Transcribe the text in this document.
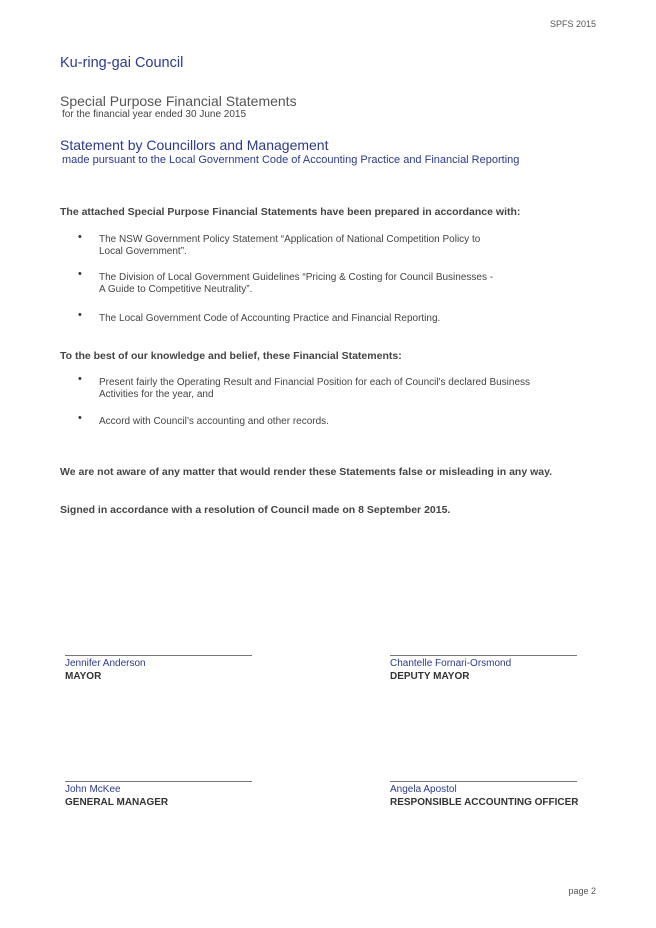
SPFS 2015
Ku-ring-gai Council
Special Purpose Financial Statements
for the financial year ended 30 June 2015
Statement by Councillors and Management
made pursuant to the Local Government Code of Accounting Practice and Financial Reporting
The attached Special Purpose Financial Statements have been prepared in accordance with:
• The NSW Government Policy Statement “Application of National Competition Policy to
Local Government”.
• The Division of Local Government Guidelines “Pricing & Costing for Council Businesses -
A Guide to Competitive Neutrality”.
• The Local Government Code of Accounting Practice and Financial Reporting.
To the best of our knowledge and belief, these Financial Statements:
• Present fairly the Operating Result and Financial Position for each of Council's declared Business
Activities for the year, and
• Accord with Council’s accounting and other records.
We are not aware of any matter that would render these Statements false or misleading in any way.
Signed in accordance with a resolution of Council made on 8 September 2015.
Jennifer Anderson
MAYOR
Chantelle Fornari-Orsmond
DEPUTY MAYOR
John McKee
GENERAL MANAGER
Angela Apostol
RESPONSIBLE ACCOUNTING OFFICER
page 2
